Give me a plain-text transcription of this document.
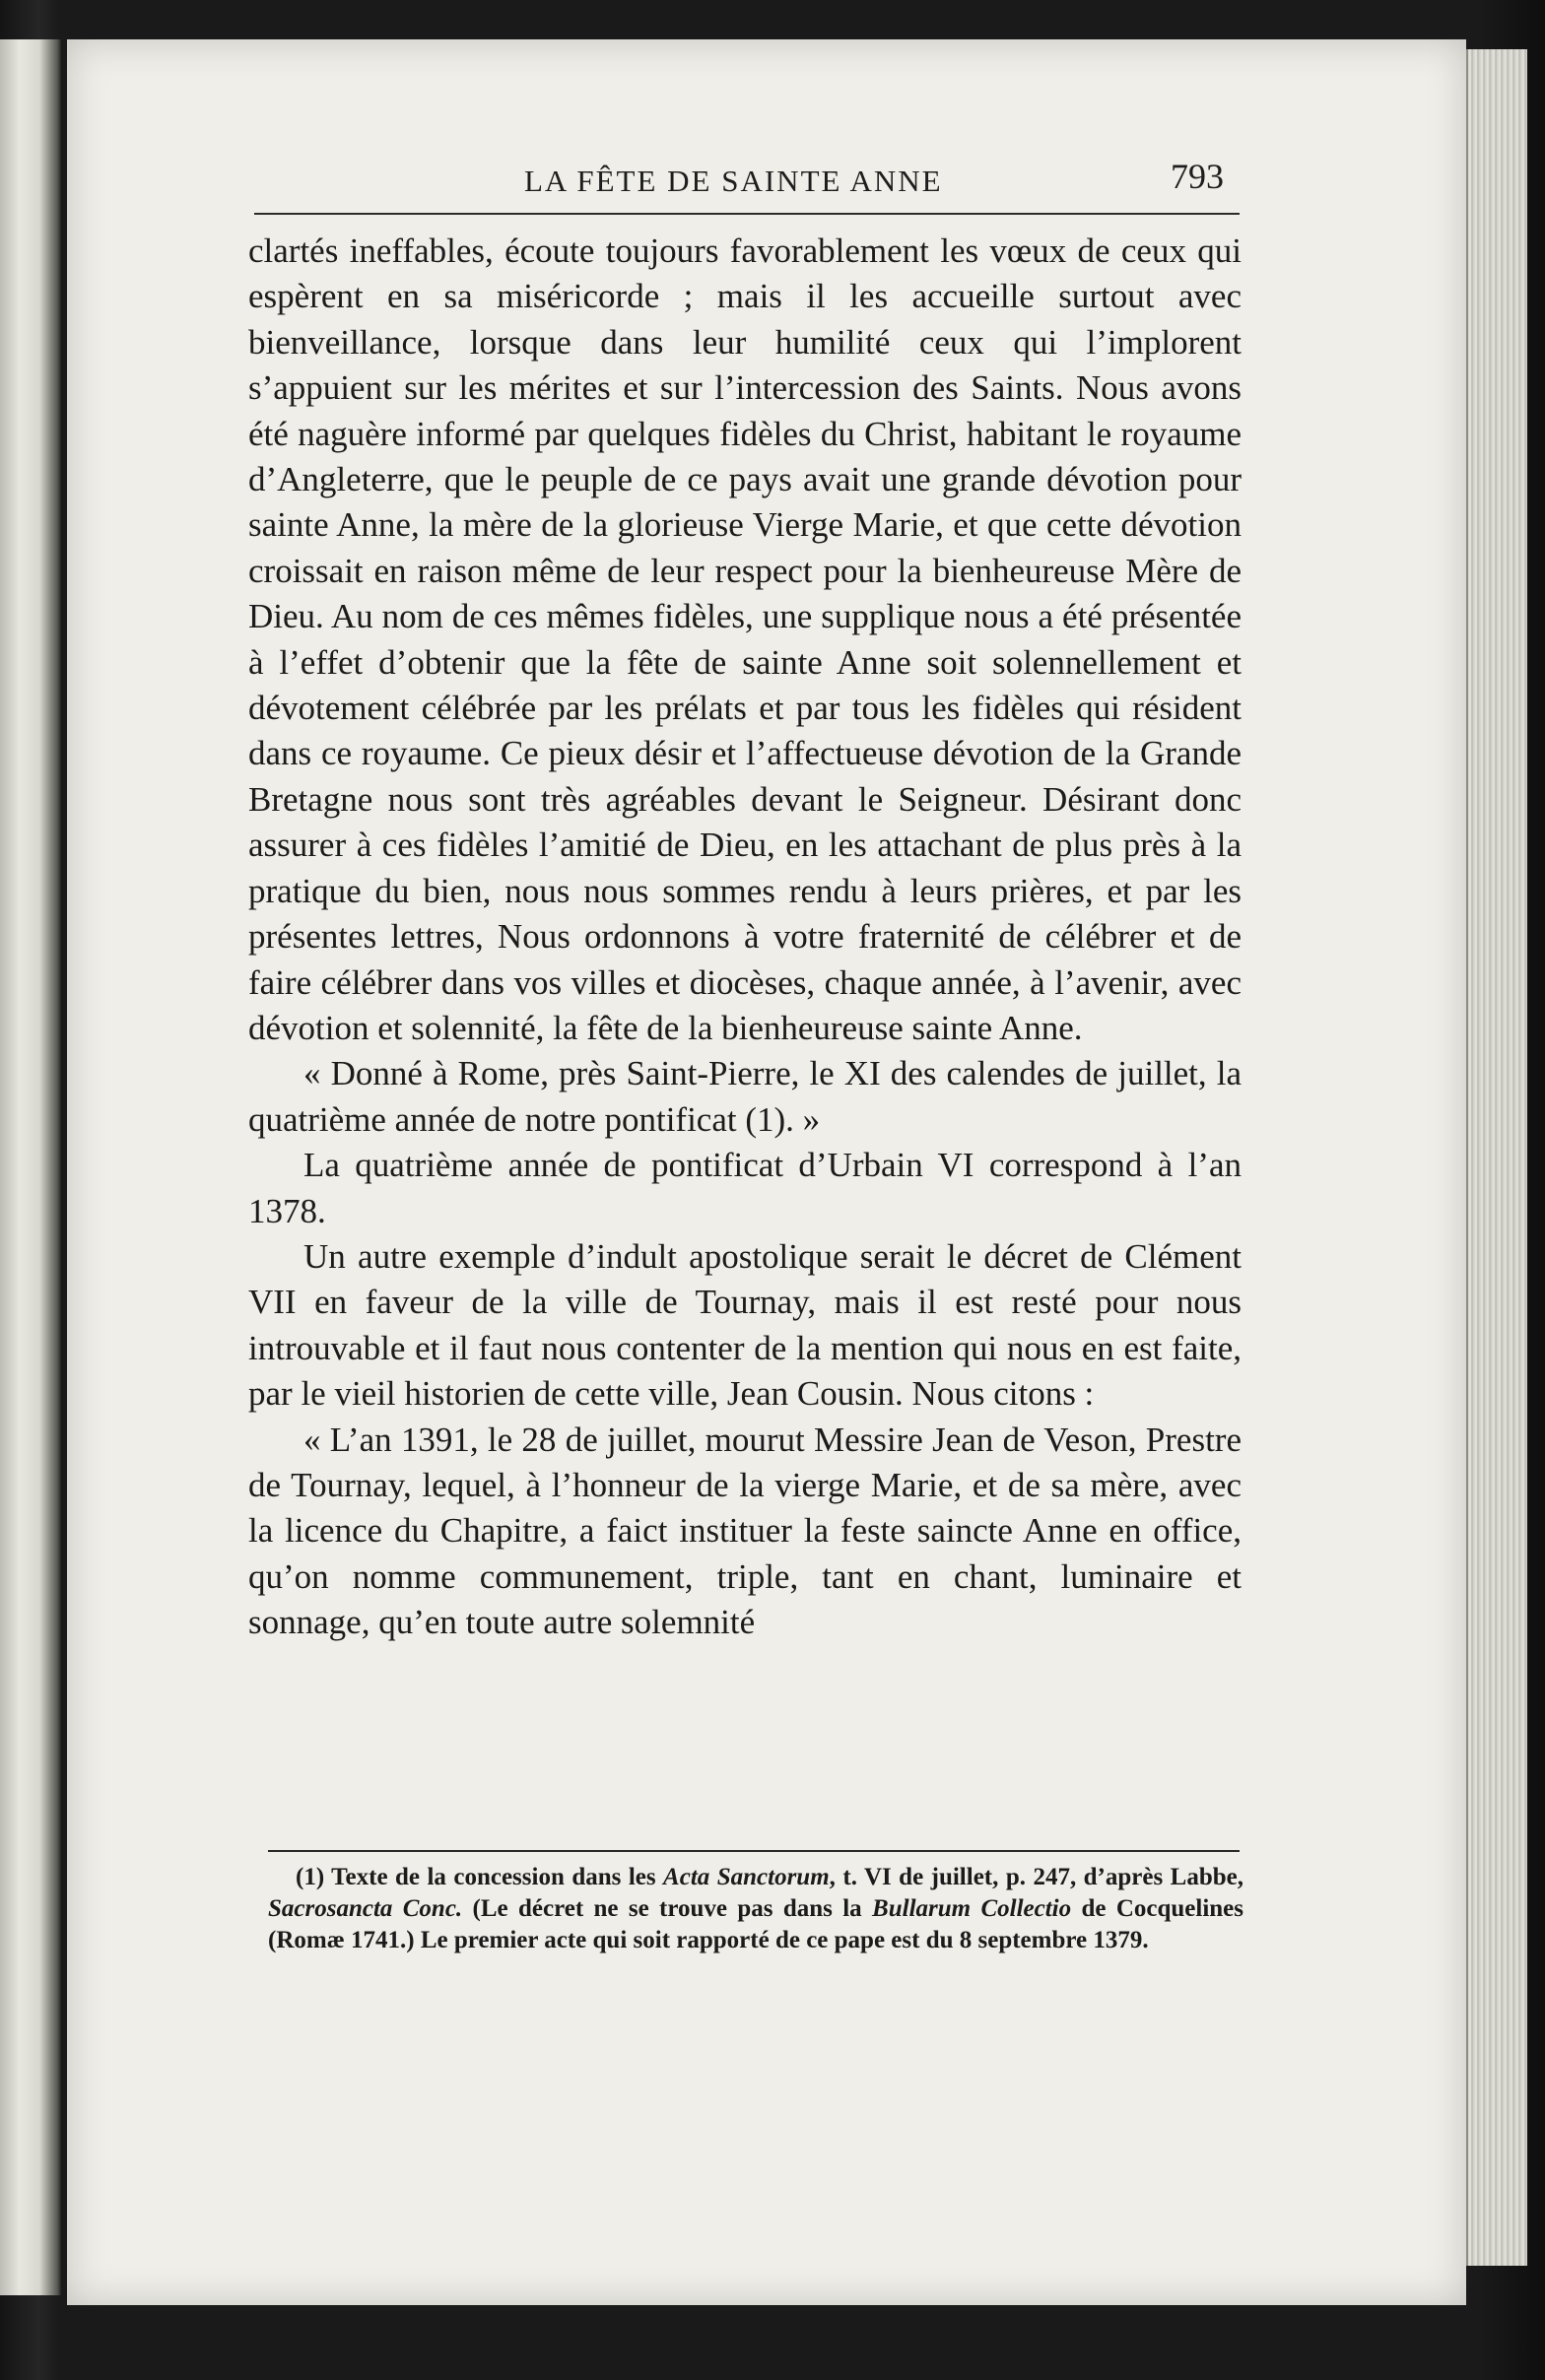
LA FÊTE DE SAINTE ANNE	793

clartés ineffables, écoute toujours favorablement les vœux de ceux qui espèrent en sa miséricorde ; mais il les accueille surtout avec bienveillance, lorsque dans leur humilité ceux qui l’implorent s’appuient sur les mérites et sur l’intercession des Saints. Nous avons été naguère informé par quelques fidèles du Christ, habitant le royaume d’Angleterre, que le peuple de ce pays avait une grande dévotion pour sainte Anne, la mère de la glorieuse Vierge Marie, et que cette dévotion croissait en raison même de leur respect pour la bienheureuse Mère de Dieu. Au nom de ces mêmes fidèles, une supplique nous a été présentée à l’effet d’obtenir que la fête de sainte Anne soit solennellement et dévotement célébrée par les prélats et par tous les fidèles qui résident dans ce royaume. Ce pieux désir et l’affectueuse dévotion de la Grande Bretagne nous sont très agréables devant le Seigneur. Désirant donc assurer à ces fidèles l’amitié de Dieu, en les attachant de plus près à la pratique du bien, nous nous sommes rendu à leurs prières, et par les présentes lettres, Nous ordonnons à votre fraternité de célébrer et de faire célébrer dans vos villes et diocèses, chaque année, à l’avenir, avec dévotion et solennité, la fête de la bienheureuse sainte Anne.

« Donné à Rome, près Saint-Pierre, le XI des calendes de juillet, la quatrième année de notre pontificat (1). »

La quatrième année de pontificat d’Urbain VI correspond à l’an 1378.

Un autre exemple d’indult apostolique serait le décret de Clément VII en faveur de la ville de Tournay, mais il est resté pour nous introuvable et il faut nous contenter de la mention qui nous en est faite, par le vieil historien de cette ville, Jean Cousin. Nous citons :

« L’an 1391, le 28 de juillet, mourut Messire Jean de Veson, Prestre de Tournay, lequel, à l’honneur de la vierge Marie, et de sa mère, avec la licence du Chapitre, a faict instituer la feste saincte Anne en office, qu’on nomme communement, triple, tant en chant, luminaire et sonnage, qu’en toute autre solemnité

(1) Texte de la concession dans les Acta Sanctorum, t. VI de juillet, p. 247, d’après Labbe, Sacrosancta Conc. (Le décret ne se trouve pas dans la Bullarum Collectio de Cocquelines (Romæ 1741.) Le premier acte qui soit rapporté de ce pape est du 8 septembre 1379.
